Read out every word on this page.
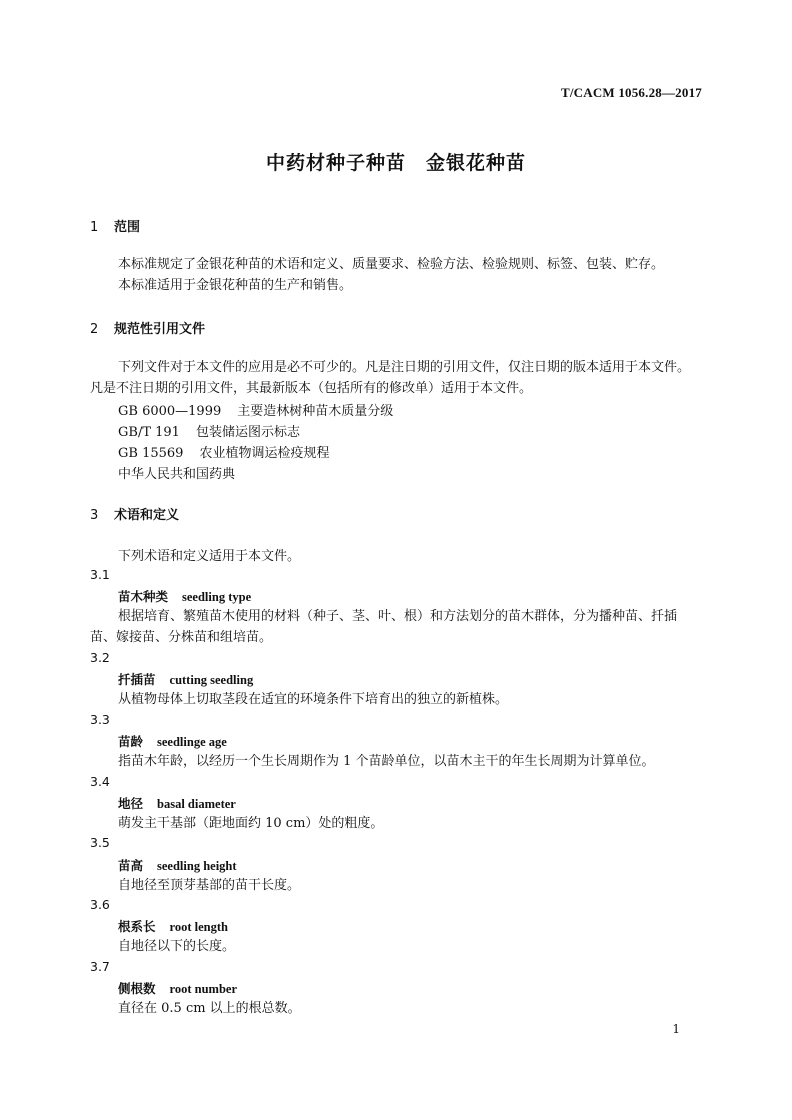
T/CACM 1056.28—2017
中药材种子种苗　金银花种苗
1 范围
本标准规定了金银花种苗的术语和定义、质量要求、检验方法、检验规则、标签、包装、贮存。
本标准适用于金银花种苗的生产和销售。
2 规范性引用文件
下列文件对于本文件的应用是必不可少的。凡是注日期的引用文件，仅注日期的版本适用于本文件。凡是不注日期的引用文件，其最新版本（包括所有的修改单）适用于本文件。
GB 6000—1999 主要造林树种苗木质量分级
GB/T 191 包装储运图示标志
GB 15569 农业植物调运检疫规程
中华人民共和国药典
3 术语和定义
下列术语和定义适用于本文件。
3.1
苗木种类 seedling type
根据培育、繁殖苗木使用的材料（种子、茎、叶、根）和方法划分的苗木群体，分为播种苗、扦插苗、嫁接苗、分株苗和组培苗。
3.2
扦插苗 cutting seedling
从植物母体上切取茎段在适宜的环境条件下培育出的独立的新植株。
3.3
苗龄 seedlinge age
指苗木年龄，以经历一个生长周期作为 1 个苗龄单位，以苗木主干的年生长周期为计算单位。
3.4
地径 basal diameter
萌发主干基部（距地面约 10 cm）处的粗度。
3.5
苗高 seedling height
自地径至顶芽基部的苗干长度。
3.6
根系长 root length
自地径以下的长度。
3.7
侧根数 root number
直径在 0.5 cm 以上的根总数。
1
